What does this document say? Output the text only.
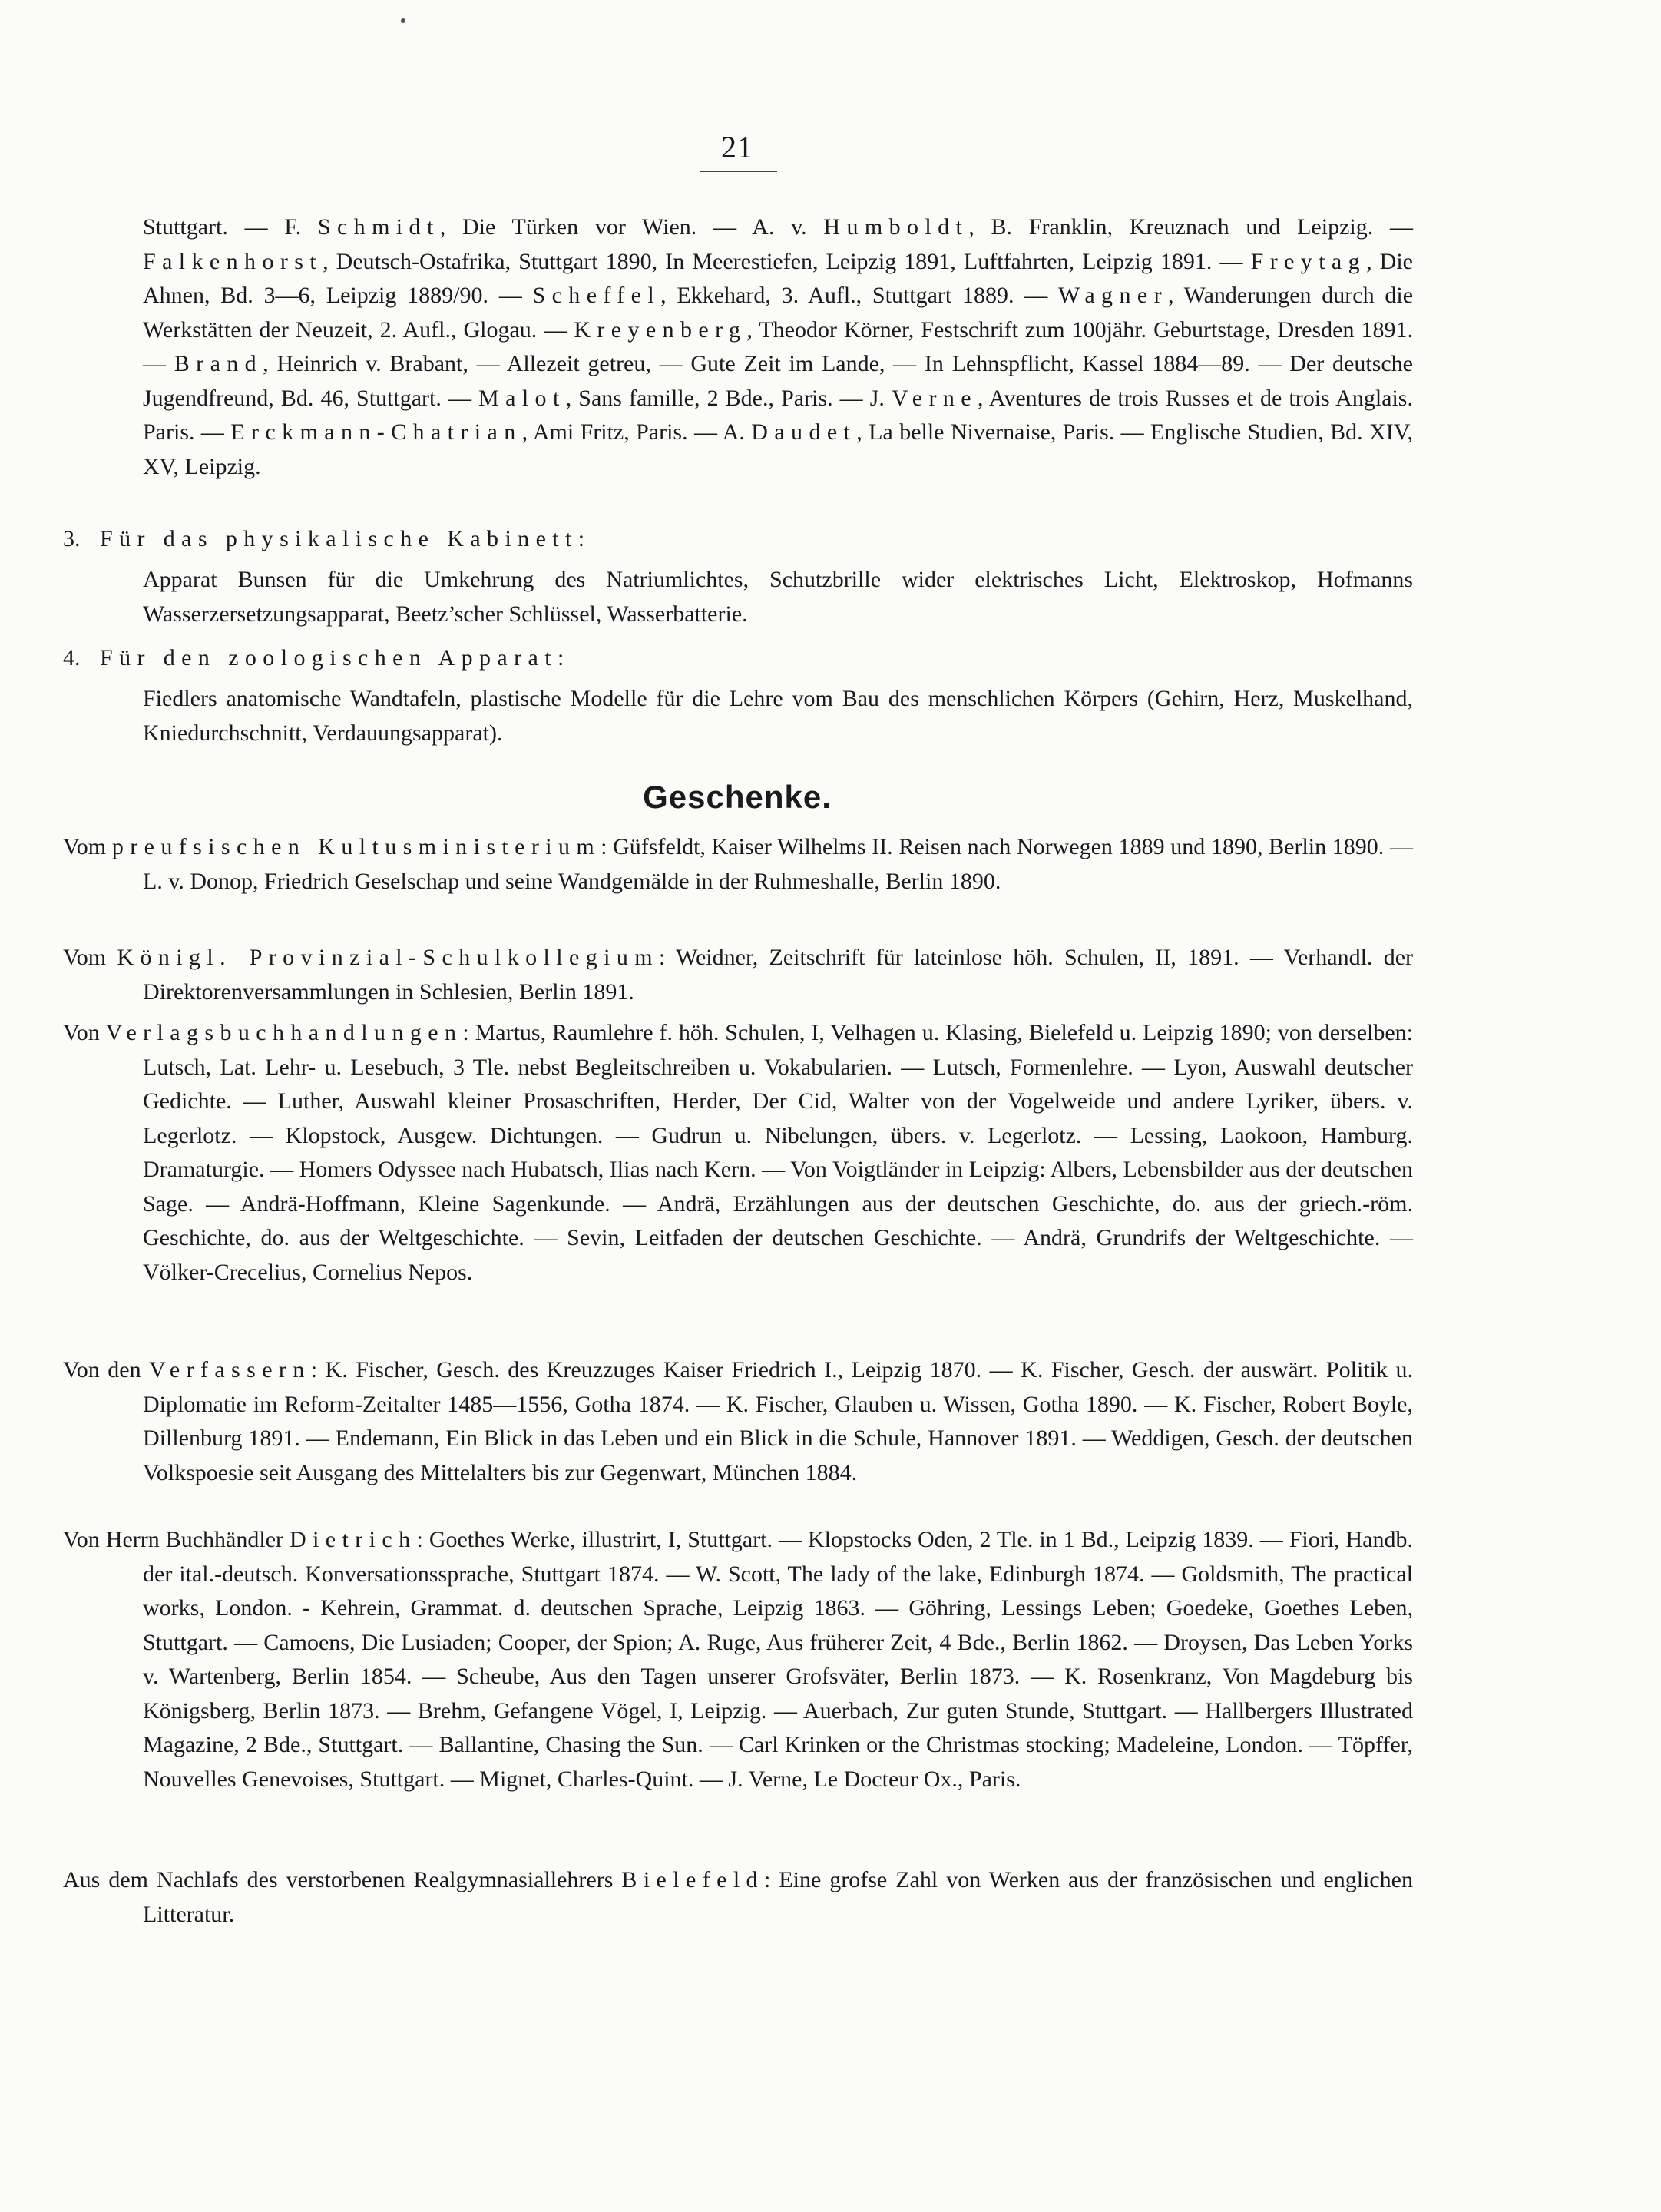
21
Stuttgart. — F. Schmidt, Die Türken vor Wien. — A. v. Humboldt, B. Franklin, Kreuznach und Leipzig. — Falkenhorst, Deutsch-Ostafrika, Stuttgart 1890, In Meerestiefen, Leipzig 1891, Luftfahrten, Leipzig 1891. — Freytag, Die Ahnen, Bd. 3—6, Leipzig 1889/90. — Scheffel, Ekkehard, 3. Aufl., Stuttgart 1889. — Wagner, Wanderungen durch die Werkstätten der Neuzeit, 2. Aufl., Glogau. — Kreyenberg, Theodor Körner, Festschrift zum 100jähr. Geburtstage, Dresden 1891. — Brand, Heinrich v. Brabant, — Allezeit getreu, — Gute Zeit im Lande, — In Lehnspflicht, Kassel 1884—89. — Der deutsche Jugendfreund, Bd. 46, Stuttgart. — Malot, Sans famille, 2 Bde., Paris. — J. Verne, Aventures de trois Russes et de trois Anglais. Paris. — Erckmann-Chatrian, Ami Fritz, Paris. — A. Daudet, La belle Nivernaise, Paris. — Englische Studien, Bd. XIV, XV, Leipzig.
3. Für das physikalische Kabinett:
Apparat Bunsen für die Umkehrung des Natriumlichtes, Schutzbrille wider elektrisches Licht, Elektroskop, Hofmanns Wasserzersetzungsapparat, Beetz’scher Schlüssel, Wasserbatterie.
4. Für den zoologischen Apparat:
Fiedlers anatomische Wandtafeln, plastische Modelle für die Lehre vom Bau des menschlichen Körpers (Gehirn, Herz, Muskelhand, Kniedurchschnitt, Verdauungsapparat).
Geschenke.
Vom preufsischen Kultusministerium: Güfsfeldt, Kaiser Wilhelms II. Reisen nach Norwegen 1889 und 1890, Berlin 1890. — L. v. Donop, Friedrich Geselschap und seine Wandgemälde in der Ruhmeshalle, Berlin 1890.
Vom Königl. Provinzial-Schulkollegium: Weidner, Zeitschrift für lateinlose höh. Schulen, II, 1891. — Verhandl. der Direktorenversammlungen in Schlesien, Berlin 1891.
Von Verlagsbuchhandlungen: Martus, Raumlehre f. höh. Schulen, I, Velhagen u. Klasing, Bielefeld u. Leipzig 1890; von derselben: Lutsch, Lat. Lehr- u. Lesebuch, 3 Tle. nebst Begleitschreiben u. Vokabularien. — Lutsch, Formenlehre. — Lyon, Auswahl deutscher Gedichte. — Luther, Auswahl kleiner Prosaschriften, Herder, Der Cid, Walter von der Vogelweide und andere Lyriker, übers. v. Legerlotz. — Klopstock, Ausgew. Dichtungen. — Gudrun u. Nibelungen, übers. v. Legerlotz. — Lessing, Laokoon, Hamburg. Dramaturgie. — Homers Odyssee nach Hubatsch, Ilias nach Kern. — Von Voigtländer in Leipzig: Albers, Lebensbilder aus der deutschen Sage. — Andrä-Hoffmann, Kleine Sagenkunde. — Andrä, Erzählungen aus der deutschen Geschichte, do. aus der griech.-röm. Geschichte, do. aus der Weltgeschichte. — Sevin, Leitfaden der deutschen Geschichte. — Andrä, Grundrifs der Weltgeschichte. — Völker-Crecelius, Cornelius Nepos.
Von den Verfassern: K. Fischer, Gesch. des Kreuzzuges Kaiser Friedrich I., Leipzig 1870. — K. Fischer, Gesch. der auswärt. Politik u. Diplomatie im Reform-Zeitalter 1485—1556, Gotha 1874. — K. Fischer, Glauben u. Wissen, Gotha 1890. — K. Fischer, Robert Boyle, Dillenburg 1891. — Endemann, Ein Blick in das Leben und ein Blick in die Schule, Hannover 1891. — Weddigen, Gesch. der deutschen Volkspoesie seit Ausgang des Mittelalters bis zur Gegenwart, München 1884.
Von Herrn Buchhändler Dietrich: Goethes Werke, illustrirt, I, Stuttgart. — Klopstocks Oden, 2 Tle. in 1 Bd., Leipzig 1839. — Fiori, Handb. der ital.-deutsch. Konversationssprache, Stuttgart 1874. — W. Scott, The lady of the lake, Edinburgh 1874. — Goldsmith, The practical works, London. - Kehrein, Grammat. d. deutschen Sprache, Leipzig 1863. — Göhring, Lessings Leben; Goedeke, Goethes Leben, Stuttgart. — Camoens, Die Lusiaden; Cooper, der Spion; A. Ruge, Aus früherer Zeit, 4 Bde., Berlin 1862. — Droysen, Das Leben Yorks v. Wartenberg, Berlin 1854. — Scheube, Aus den Tagen unserer Grofsväter, Berlin 1873. — K. Rosenkranz, Von Magdeburg bis Königsberg, Berlin 1873. — Brehm, Gefangene Vögel, I, Leipzig. — Auerbach, Zur guten Stunde, Stuttgart. — Hallbergers Illustrated Magazine, 2 Bde., Stuttgart. — Ballantine, Chasing the Sun. — Carl Krinken or the Christmas stocking; Madeleine, London. — Töpffer, Nouvelles Genevoises, Stuttgart. — Mignet, Charles-Quint. — J. Verne, Le Docteur Ox., Paris.
Aus dem Nachlafs des verstorbenen Realgymnasiallehrers Bielefeld: Eine grofse Zahl von Werken aus der französischen und englichen Litteratur.
